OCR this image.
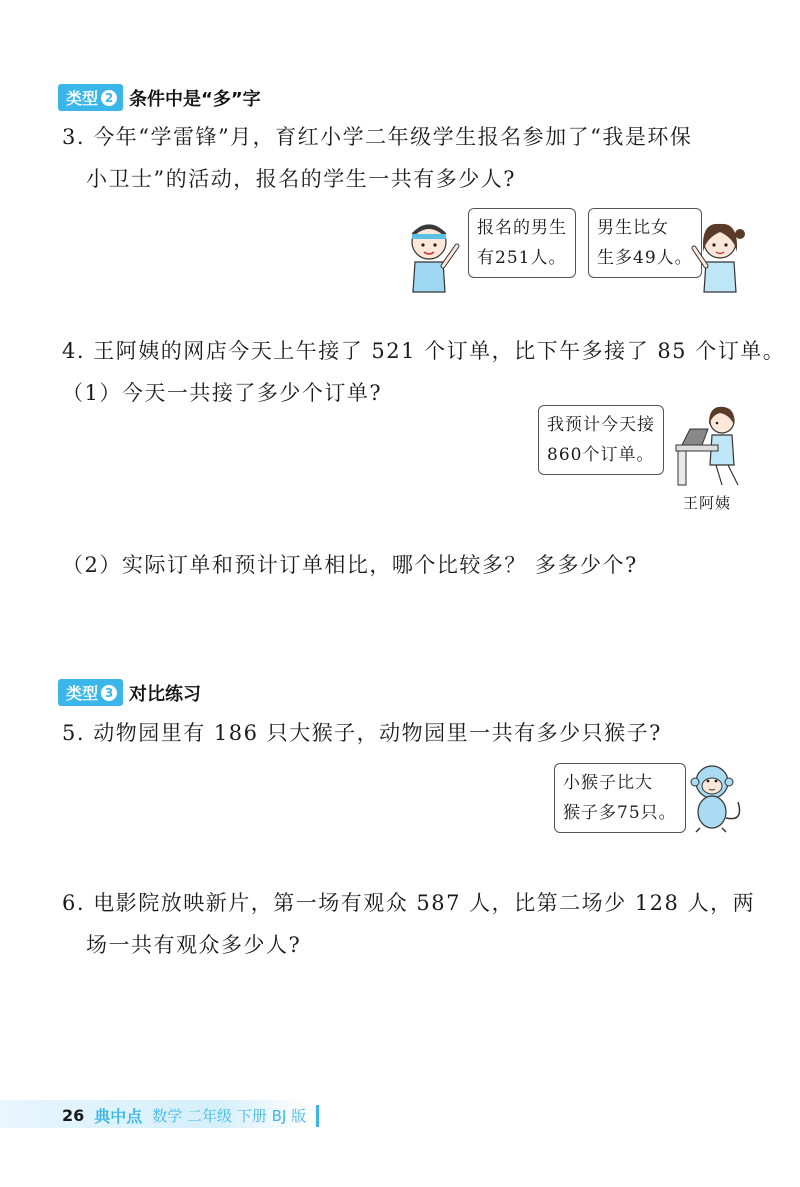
类型 2 条件中是“多”字
3. 今年“学雷锋”月，育红小学二年级学生报名参加了“我是环保
小卫士”的活动，报名的学生一共有多少人?
报名的男生
有251人。
男生比女
生多49人。
4. 王阿姨的网店今天上午接了 521 个订单，比下午多接了 85 个订单。
（1）今天一共接了多少个订单?
我预计今天接
860个订单。
王阿姨
（2）实际订单和预计订单相比，哪个比较多？ 多多少个?
类型 3 对比练习
5. 动物园里有 186 只大猴子，动物园里一共有多少只猴子?
小猴子比大
猴子多75只。
6. 电影院放映新片，第一场有观众 587 人，比第二场少 128 人，两
场一共有观众多少人?
26 典中点 数学 二年级 下册 BJ 版
